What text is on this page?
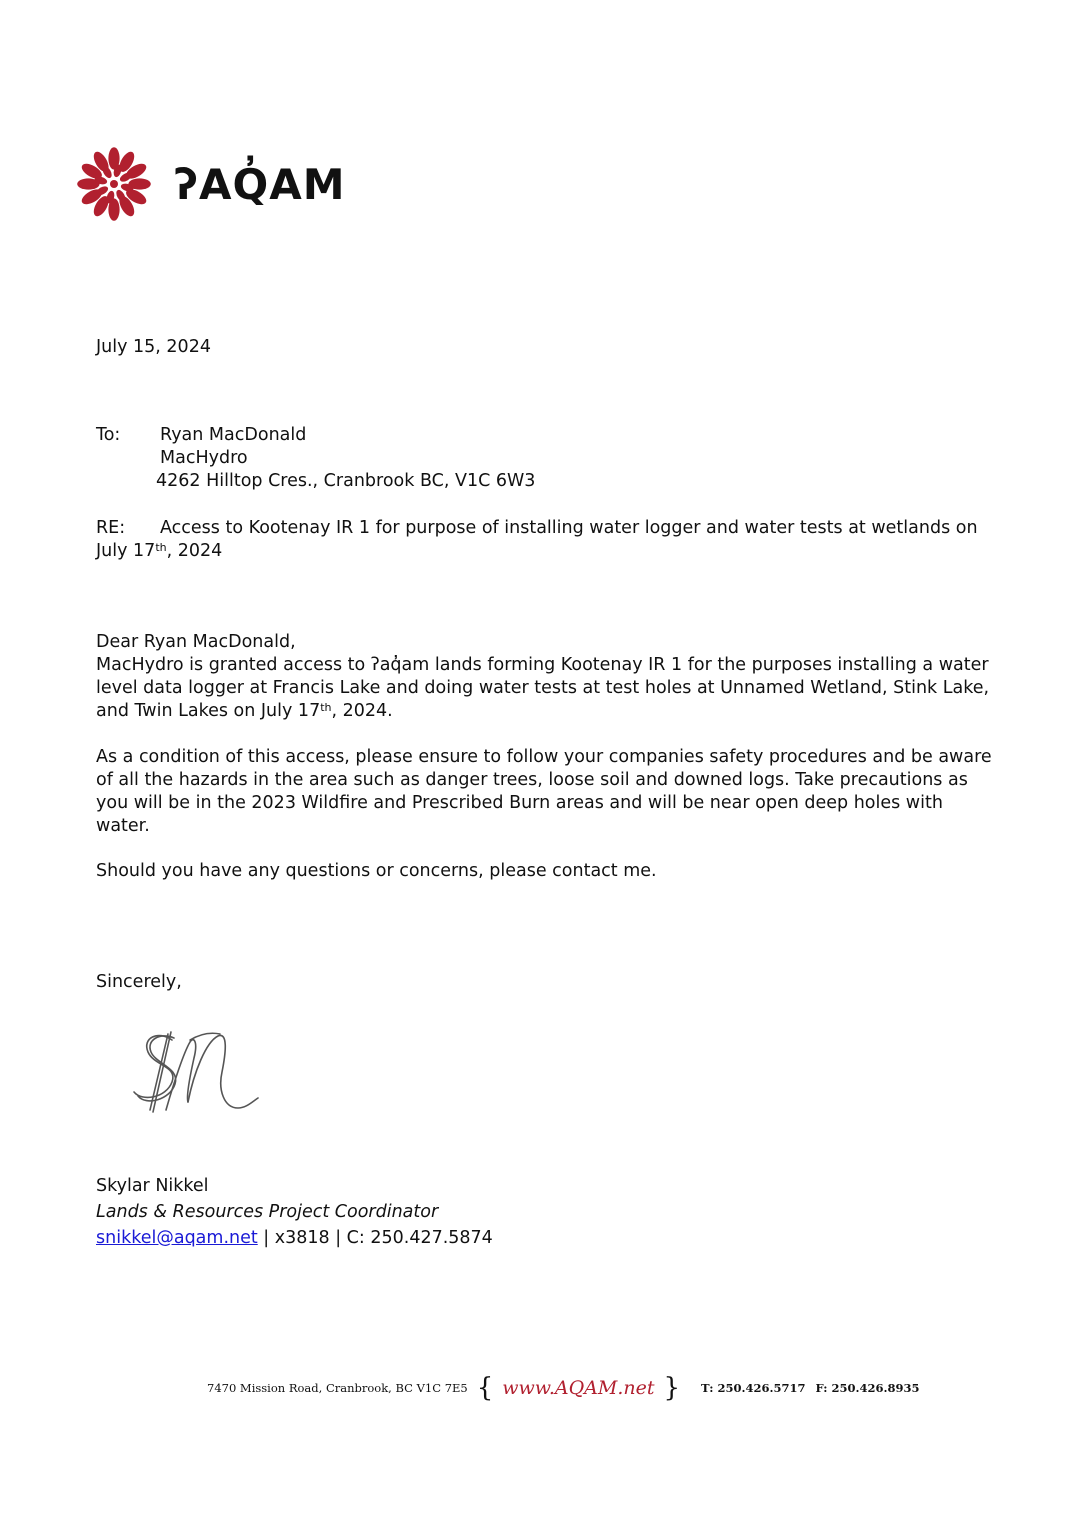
ʔAQ̓AM
July 15, 2024
To:	Ryan MacDonald
MacHydro
4262 Hilltop Cres., Cranbrook BC, V1C 6W3
RE: Access to Kootenay IR 1 for purpose of installing water logger and water tests at wetlands on July 17th, 2024
Dear Ryan MacDonald,
MacHydro is granted access to ʔaq̓am lands forming Kootenay IR 1 for the purposes installing a water level data logger at Francis Lake and doing water tests at test holes at Unnamed Wetland, Stink Lake, and Twin Lakes on July 17th, 2024.
As a condition of this access, please ensure to follow your companies safety procedures and be aware of all the hazards in the area such as danger trees, loose soil and downed logs. Take precautions as you will be in the 2023 Wildfire and Prescribed Burn areas and will be near open deep holes with water.
Should you have any questions or concerns, please contact me.
Sincerely,
Skylar Nikkel
Lands & Resources Project Coordinator
snikkel@aqam.net | x3818 | C: 250.427.5874
7470 Mission Road, Cranbrook, BC V1C 7E5 { www.AQAM.net } T: 250.426.5717 F: 250.426.8935
